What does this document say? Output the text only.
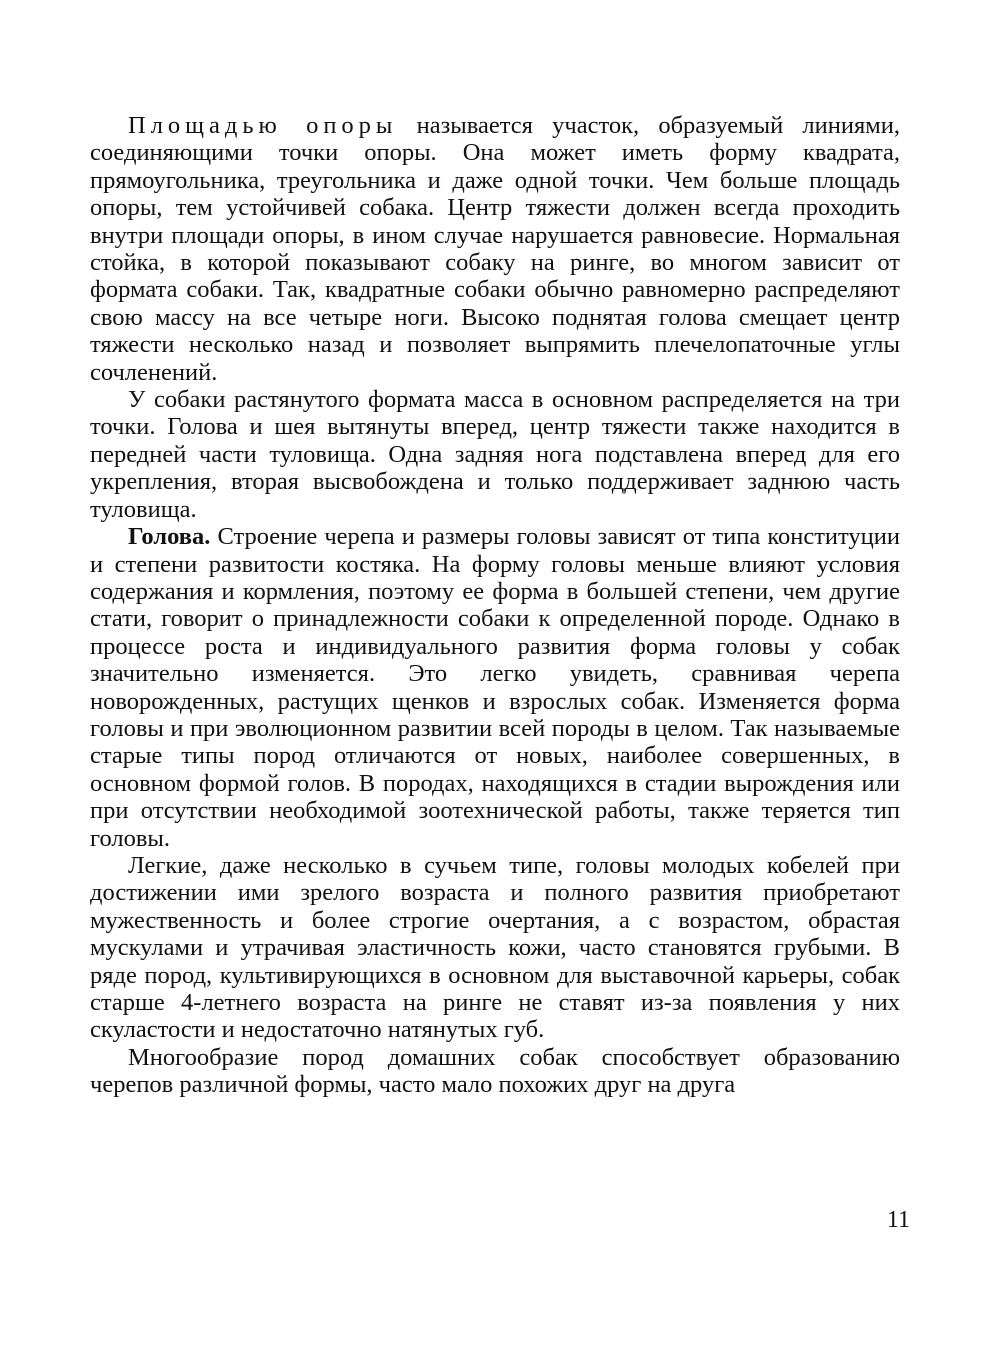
Площадью опоры называется участок, образуемый линиями, соединяющими точки опоры. Она может иметь форму квадрата, прямоугольника, треугольника и даже одной точки. Чем больше площадь опоры, тем устойчивей собака. Центр тяжести должен всегда проходить внутри площади опоры, в ином случае нарушается равновесие. Нормальная стойка, в которой показывают собаку на ринге, во многом зависит от формата собаки. Так, квадратные собаки обычно равномерно распределяют свою массу на все четыре ноги. Высоко поднятая голова смещает центр тяжести несколько назад и позволяет выпрямить плечелопаточные углы сочленений.

У собаки растянутого формата масса в основном распределяется на три точки. Голова и шея вытянуты вперед, центр тяжести также находится в передней части туловища. Одна задняя нога подставлена вперед для его укрепления, вторая высвобождена и только поддерживает заднюю часть туловища.

Голова. Строение черепа и размеры головы зависят от типа конституции и степени развитости костяка. На форму головы меньше влияют условия содержания и кормления, поэтому ее форма в большей степени, чем другие стати, говорит о принадлежности собаки к определенной породе. Однако в процессе роста и индивидуального развития форма головы у собак значительно изменяется. Это легко увидеть, сравнивая черепа новорожденных, растущих щенков и взрослых собак. Изменяется форма головы и при эволюционном развитии всей породы в целом. Так называемые старые типы пород отличаются от новых, наиболее совершенных, в основном формой голов. В породах, находящихся в стадии вырождения или при отсутствии необходимой зоотехнической работы, также теряется тип головы.

Легкие, даже несколько в сучьем типе, головы молодых кобелей при достижении ими зрелого возраста и полного развития приобретают мужественность и более строгие очертания, а с возрастом, обрастая мускулами и утрачивая эластичность кожи, часто становятся грубыми. В ряде пород, культивирующихся в основном для выставочной карьеры, собак старше 4-летнего возраста на ринге не ставят из-за появления у них скуластости и недостаточно натянутых губ.

Многообразие пород домашних собак способствует образованию черепов различной формы, часто мало похожих друг на друга

11
